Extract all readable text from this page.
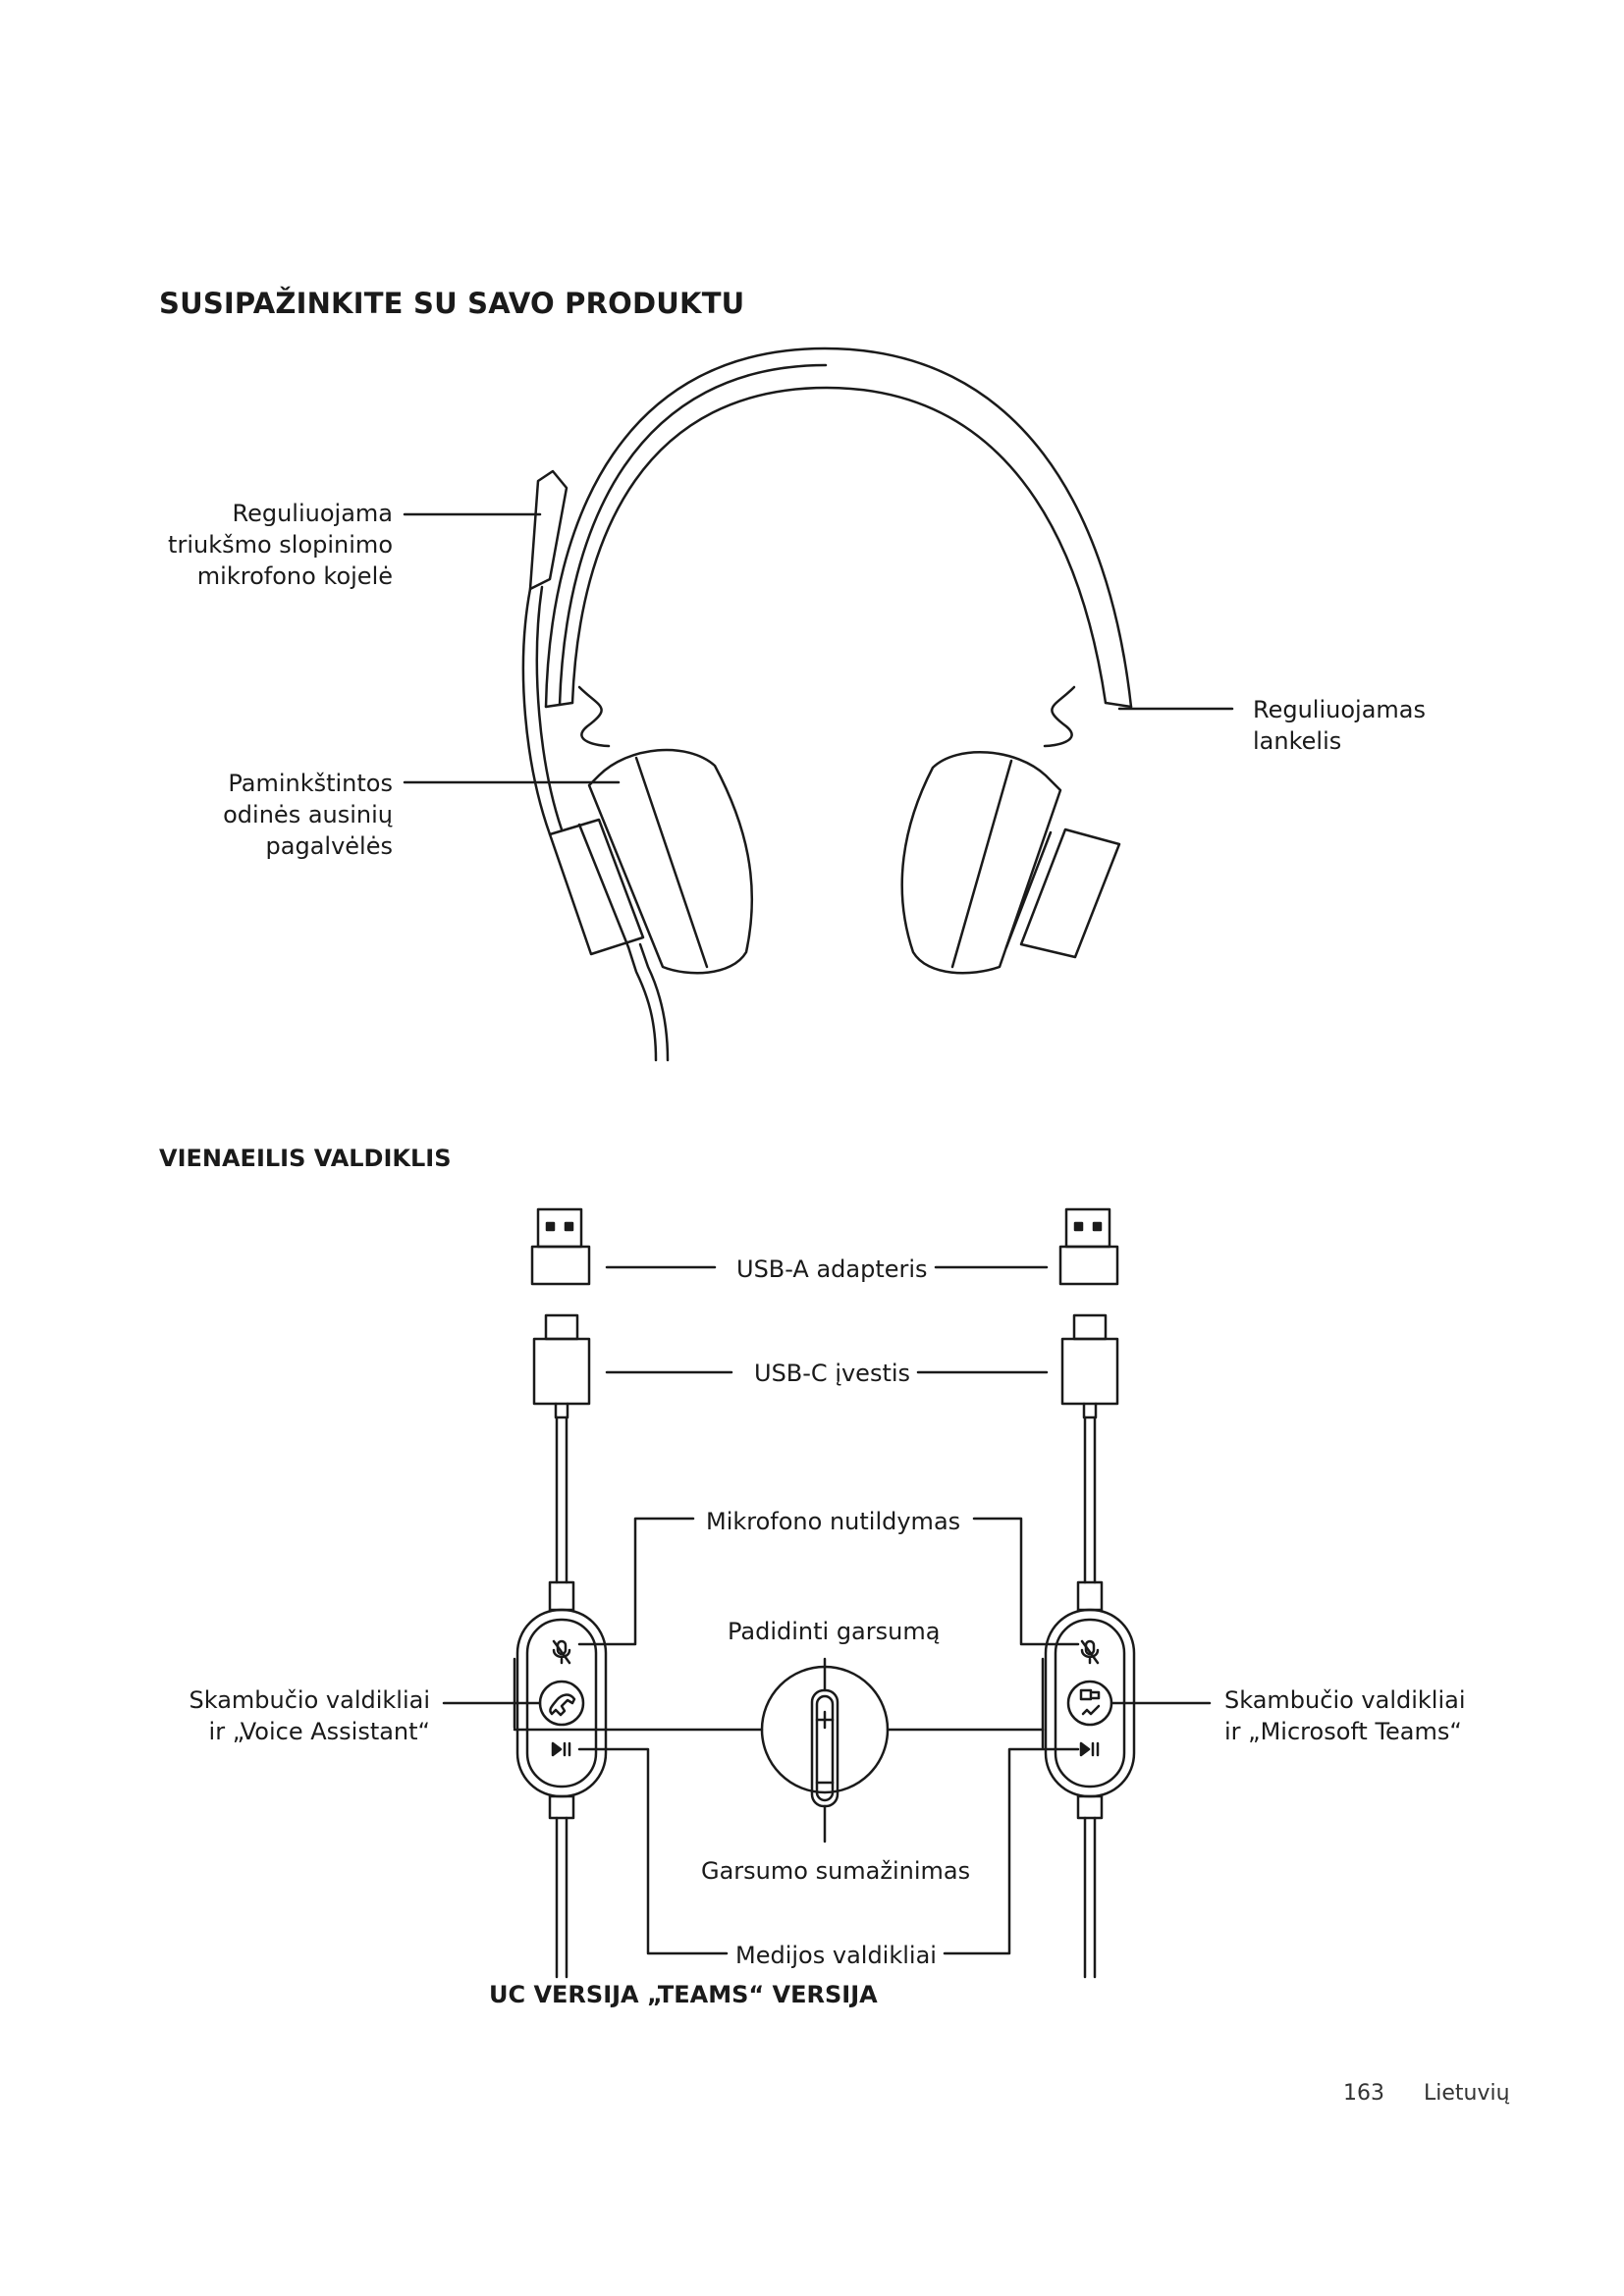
SUSIPAŽINKITE SU SAVO PRODUKTU
VIENAEILIS VALDIKLIS
Reguliuojama
triukšmo slopinimo
mikrofono kojelė
Reguliuojamas
lankelis
Paminkštintos
odinės ausinių
pagalvėlės
USB-A adapteris
USB-C įvestis
Mikrofono nutildymas
Padidinti garsumą
Skambučio valdikliai
ir „Voice Assistant“
Skambučio valdikliai
ir „Microsoft Teams“
Garsumo sumažinimas
Medijos valdikliai
UC VERSIJA „TEAMS“ VERSIJA
163 Lietuvių
